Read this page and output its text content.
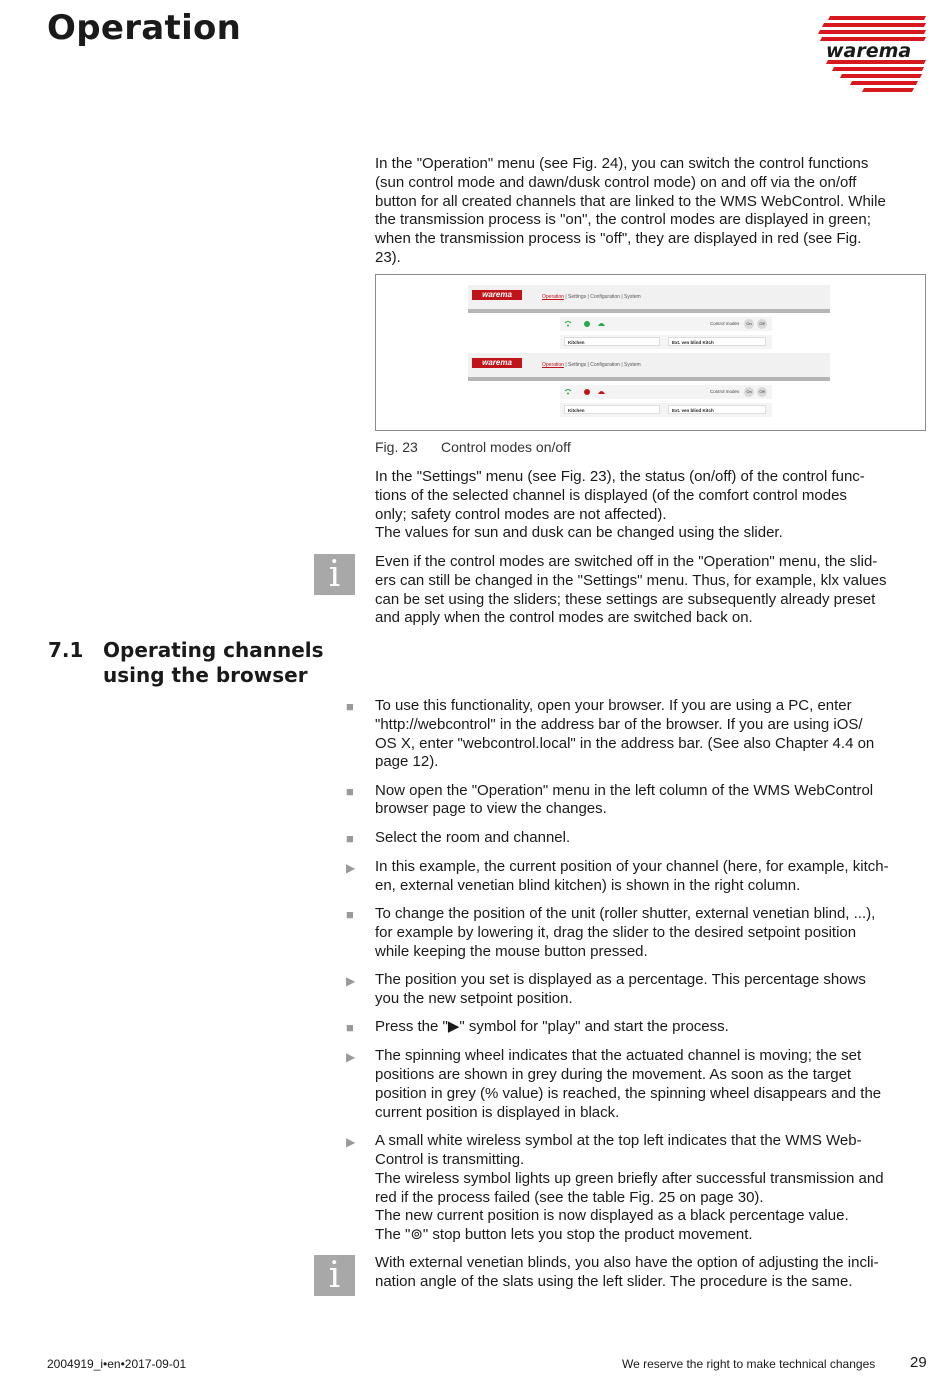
Operation
warema
In the "Operation" menu (see Fig. 24), you can switch the control functions
(sun control mode and dawn/dusk control mode) on and off via the on/off
button for all created channels that are linked to the WMS WebControl. While
the transmission process is "on", the control modes are displayed in green;
when the transmission process is "off", they are displayed in red (see Fig.
23).
warema	Operation | Settings | Configuration | System
Control modes	On	Off
Kitchen	Ext. ven blind Kitch
warema	Operation | Settings | Configuration | System
Control modes	On	Off
Kitchen	Ext. ven blind Kitch
Fig. 23 Control modes on/off
In the "Settings" menu (see Fig. 23), the status (on/off) of the control func-
tions of the selected channel is displayed (of the comfort control modes
only; safety control modes are not affected).
The values for sun and dusk can be changed using the slider.
i Even if the control modes are switched off in the "Operation" menu, the slid-
ers can still be changed in the "Settings" menu. Thus, for example, klx values
can be set using the sliders; these settings are subsequently already preset
and apply when the control modes are switched back on.
7.1 Operating channels
using the browser
■
To use this functionality, open your browser. If you are using a PC, enter
"http://webcontrol" in the address bar of the browser. If you are using iOS/
OS X, enter "webcontrol.local" in the address bar. (See also Chapter 4.4 on
page 12).
■
Now open the "Operation" menu in the left column of the WMS WebControl
browser page to view the changes.
■
Select the room and channel.
▶
In this example, the current position of your channel (here, for example, kitch-
en, external venetian blind kitchen) is shown in the right column.
■
To change the position of the unit (roller shutter, external venetian blind, ...),
for example by lowering it, drag the slider to the desired setpoint position
while keeping the mouse button pressed.
▶
The position you set is displayed as a percentage. This percentage shows
you the new setpoint position.
■
Press the "▶" symbol for "play" and start the process.
▶
The spinning wheel indicates that the actuated channel is moving; the set
positions are shown in grey during the movement. As soon as the target
position in grey (% value) is reached, the spinning wheel disappears and the
current position is displayed in black.
▶
A small white wireless symbol at the top left indicates that the WMS Web-
Control is transmitting.
The wireless symbol lights up green briefly after successful transmission and
red if the process failed (see the table Fig. 25 on page 30).
The new current position is now displayed as a black percentage value.
The "⊚" stop button lets you stop the product movement.
i With external venetian blinds, you also have the option of adjusting the incli-
nation angle of the slats using the left slider. The procedure is the same.
2004919_i•en•2017-09-01	We reserve the right to make technical changes 29
